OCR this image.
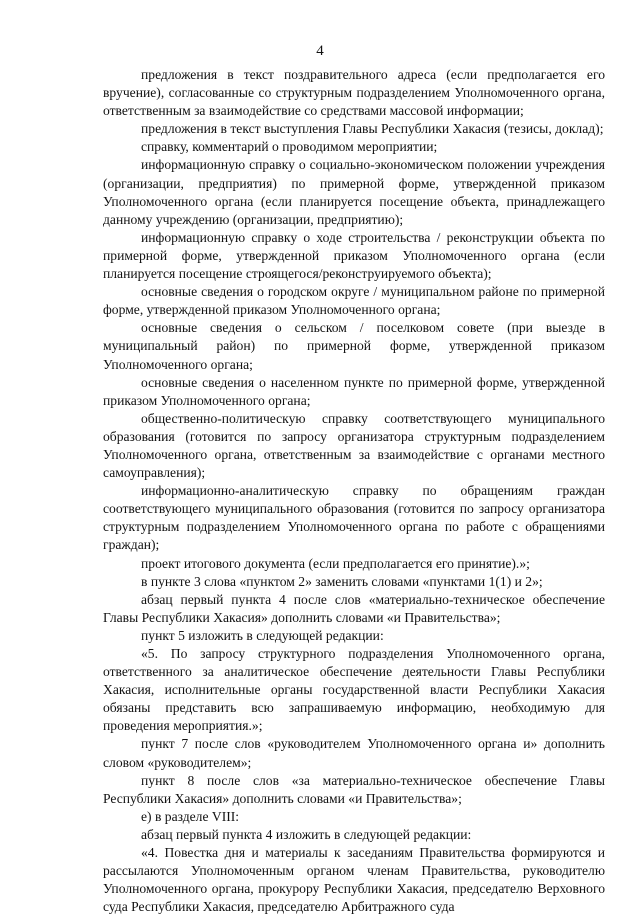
4

предложения в текст поздравительного адреса (если предполагается его вручение), согласованные со структурным подразделением Уполномоченного органа, ответственным за взаимодействие со средствами массовой информации;

предложения в текст выступления Главы Республики Хакасия (тезисы, доклад);

справку, комментарий о проводимом мероприятии;

информационную справку о социально-экономическом положении учреждения (организации, предприятия) по примерной форме, утвержденной приказом Уполномоченного органа (если планируется посещение объекта, принадлежащего данному учреждению (организации, предприятию);

информационную справку о ходе строительства / реконструкции объекта по примерной форме, утвержденной приказом Уполномоченного органа (если планируется посещение строящегося/реконструируемого объекта);

основные сведения о городском округе / муниципальном районе по примерной форме, утвержденной приказом Уполномоченного органа;

основные сведения о сельском / поселковом совете (при выезде в муниципальный район) по примерной форме, утвержденной приказом Уполномоченного органа;

основные сведения о населенном пункте по примерной форме, утвержденной приказом Уполномоченного органа;

общественно-политическую справку соответствующего муниципального образования (готовится по запросу организатора структурным подразделением Уполномоченного органа, ответственным за взаимодействие с органами местного самоуправления);

информационно-аналитическую справку по обращениям граждан соответствующего муниципального образования (готовится по запросу организатора структурным подразделением Уполномоченного органа по работе с обращениями граждан);

проект итогового документа (если предполагается его принятие).»;

в пункте 3 слова «пунктом 2» заменить словами «пунктами 1(1) и 2»;

абзац первый пункта 4 после слов «материально-техническое обеспечение Главы Республики Хакасия» дополнить словами «и Правительства»;

пункт 5 изложить в следующей редакции:

«5. По запросу структурного подразделения Уполномоченного органа, ответственного за аналитическое обеспечение деятельности Главы Республики Хакасия, исполнительные органы государственной власти Республики Хакасия обязаны представить всю запрашиваемую информацию, необходимую для проведения мероприятия.»;

пункт 7 после слов «руководителем Уполномоченного органа и» дополнить словом «руководителем»;

пункт 8 после слов «за материально-техническое обеспечение Главы Республики Хакасия» дополнить словами «и Правительства»;

е) в разделе VIII:

абзац первый пункта 4 изложить в следующей редакции:

«4. Повестка дня и материалы к заседаниям Правительства формируются и рассылаются Уполномоченным органом членам Правительства, руководителю Уполномоченного органа, прокурору Республики Хакасия, председателю Верховного суда Республики Хакасия, председателю Арбитражного суда
